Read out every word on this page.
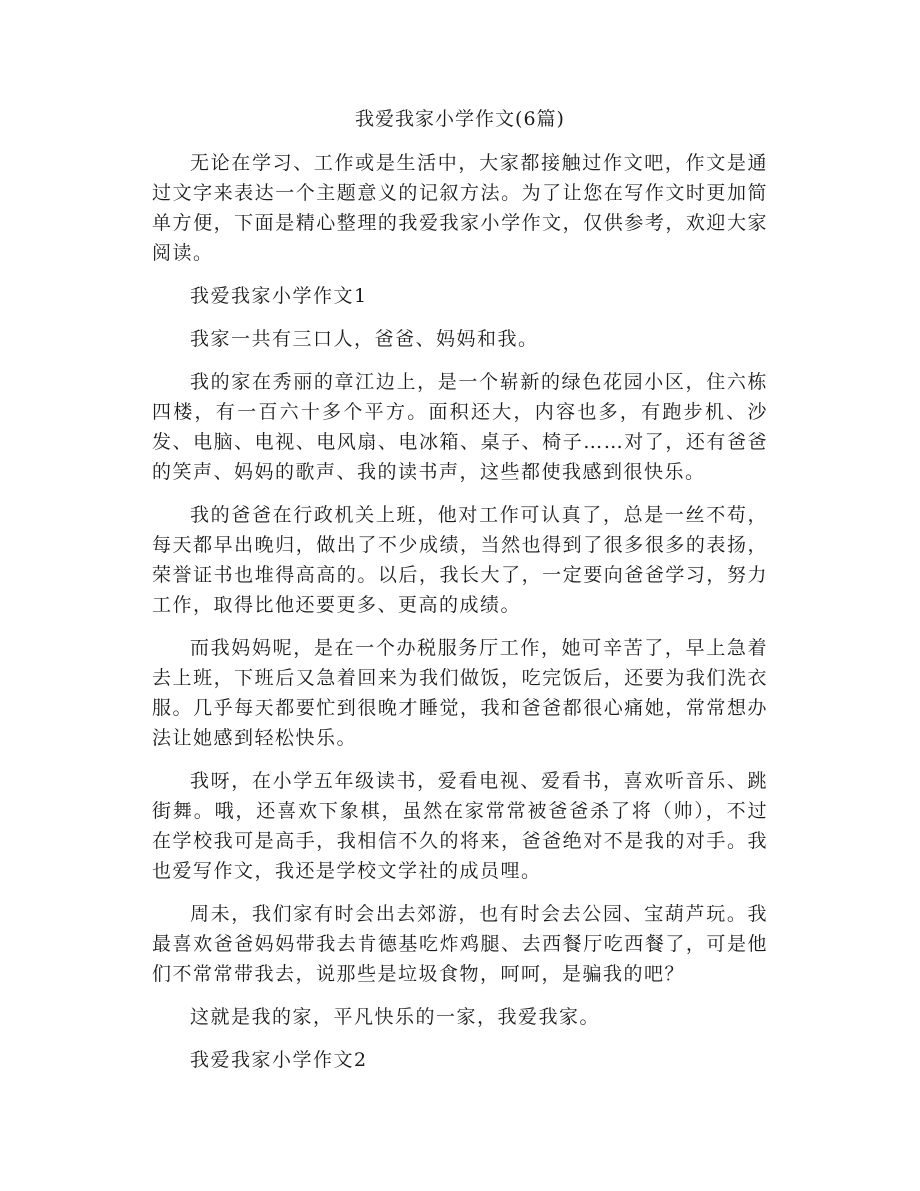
我爱我家小学作文(6篇)

无论在学习、工作或是生活中，大家都接触过作文吧，作文是通过文字来表达一个主题意义的记叙方法。为了让您在写作文时更加简单方便，下面是精心整理的我爱我家小学作文，仅供参考，欢迎大家阅读。

我爱我家小学作文1

我家一共有三口人，爸爸、妈妈和我。

我的家在秀丽的章江边上，是一个崭新的绿色花园小区，住六栋四楼，有一百六十多个平方。面积还大，内容也多，有跑步机、沙发、电脑、电视、电风扇、电冰箱、桌子、椅子……对了，还有爸爸的笑声、妈妈的歌声、我的读书声，这些都使我感到很快乐。

我的爸爸在行政机关上班，他对工作可认真了，总是一丝不苟，每天都早出晚归，做出了不少成绩，当然也得到了很多很多的表扬，荣誉证书也堆得高高的。以后，我长大了，一定要向爸爸学习，努力工作，取得比他还要更多、更高的成绩。

而我妈妈呢，是在一个办税服务厅工作，她可辛苦了，早上急着去上班，下班后又急着回来为我们做饭，吃完饭后，还要为我们洗衣服。几乎每天都要忙到很晚才睡觉，我和爸爸都很心痛她，常常想办法让她感到轻松快乐。

我呀，在小学五年级读书，爱看电视、爱看书，喜欢听音乐、跳街舞。哦，还喜欢下象棋，虽然在家常常被爸爸杀了将（帅），不过在学校我可是高手，我相信不久的将来，爸爸绝对不是我的对手。我也爱写作文，我还是学校文学社的成员哩。

周未，我们家有时会出去郊游，也有时会去公园、宝葫芦玩。我最喜欢爸爸妈妈带我去肯德基吃炸鸡腿、去西餐厅吃西餐了，可是他们不常常带我去，说那些是垃圾食物，呵呵，是骗我的吧？

这就是我的家，平凡快乐的一家，我爱我家。

我爱我家小学作文2
